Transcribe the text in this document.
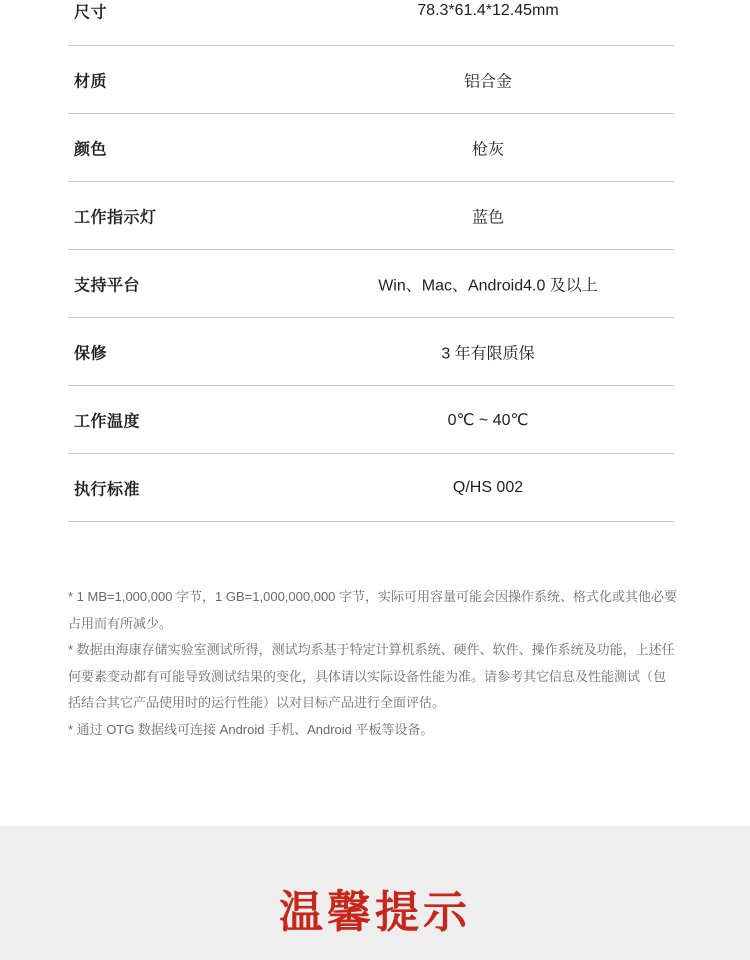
尺寸	78.3*61.4*12.45mm
材质	铝合金
颜色	枪灰
工作指示灯	蓝色
支持平台	Win、Mac、Android4.0 及以上
保修	3 年有限质保
工作温度	0℃ ~ 40℃
执行标准	Q/HS 002

* 1 MB=1,000,000 字节，1 GB=1,000,000,000 字节，实际可用容量可能会因操作系统、格式化或其他必要占用而有所减少。

* 数据由海康存储实验室测试所得，测试均系基于特定计算机系统、硬件、软件、操作系统及功能，上述任何要素变动都有可能导致测试结果的变化，具体请以实际设备性能为准。请参考其它信息及性能测试（包括结合其它产品使用时的运行性能）以对目标产品进行全面评估。

* 通过 OTG 数据线可连接 Android 手机、Android 平板等设备。

温馨提示
